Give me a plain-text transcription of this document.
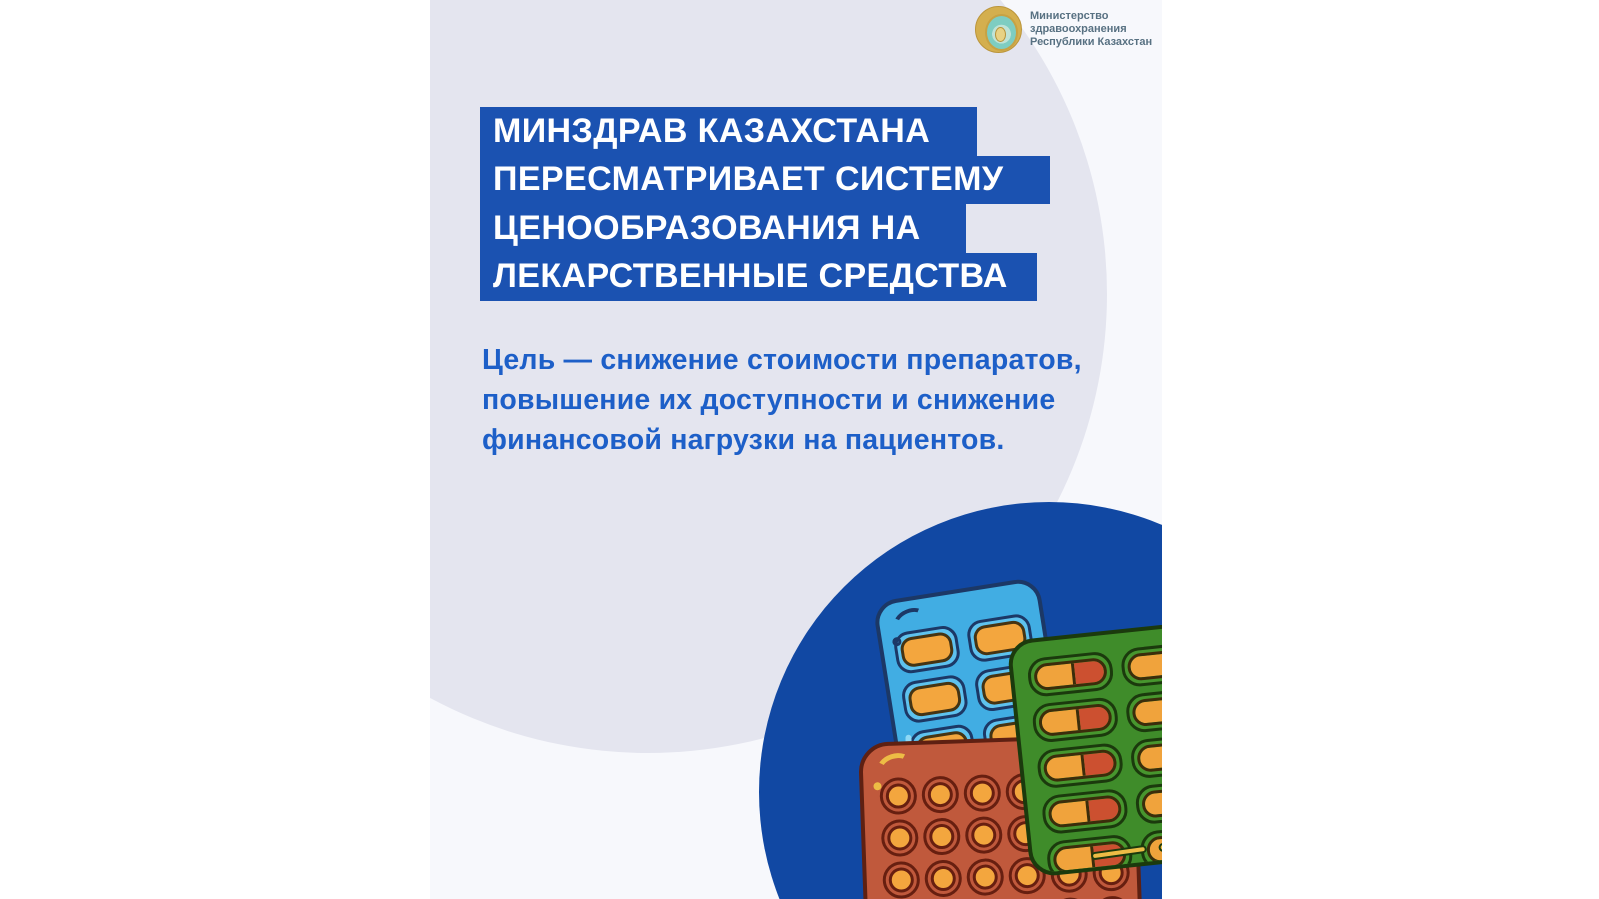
Министерство
здравоохранения
Республики Казахстан
МИНЗДРАВ КАЗАХСТАНА
ПЕРЕСМАТРИВАЕТ СИСТЕМУ
ЦЕНООБРАЗОВАНИЯ НА
ЛЕКАРСТВЕННЫЕ СРЕДСТВА
Цель — снижение стоимости препаратов,
повышение их доступности и снижение
финансовой нагрузки на пациентов.
